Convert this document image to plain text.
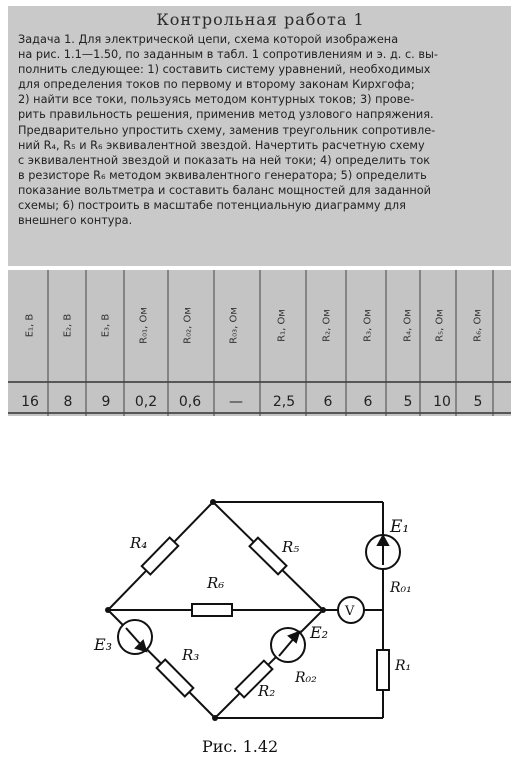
Контрольная работа 1
Задача 1. Для электрической цепи, схема которой изображена
на рис. 1.1—1.50, по заданным в табл. 1 сопротивлениям и э. д. с. вы-
полнить следующее: 1) составить систему уравнений, необходимых
для определения токов по первому и второму законам Кирхгофа;
2) найти все токи, пользуясь методом контурных токов; 3) прове-
рить правильность решения, применив метод узлового напряжения.
Предварительно упростить схему, заменив треугольник сопротивле-
ний R₄, R₅ и R₆ эквивалентной звездой. Начертить расчетную схему
с эквивалентной звездой и показать на ней токи; 4) определить ток
в резисторе R₆ методом эквивалентного генератора; 5) определить
показание вольтметра и составить баланс мощностей для заданной
схемы; 6) построить в масштабе потенциальную диаграмму для
внешнего контура.
E₁, В	E₂, В	E₃, В	R₀₁, Ом	R₀₂, Ом	R₀₃, Ом	R₁, Ом	R₂, Ом	R₃, Ом	R₄, Ом R₅, Ом	R₆, Ом
16	8	9	0,2	0,6	—	2,5	6	6	5	10	5
R₄	R₅
R₆
R₃
R₂
R₁
E₁
E₂
E₃
R₀₁
R₀₂
V
Рис. 1.42
